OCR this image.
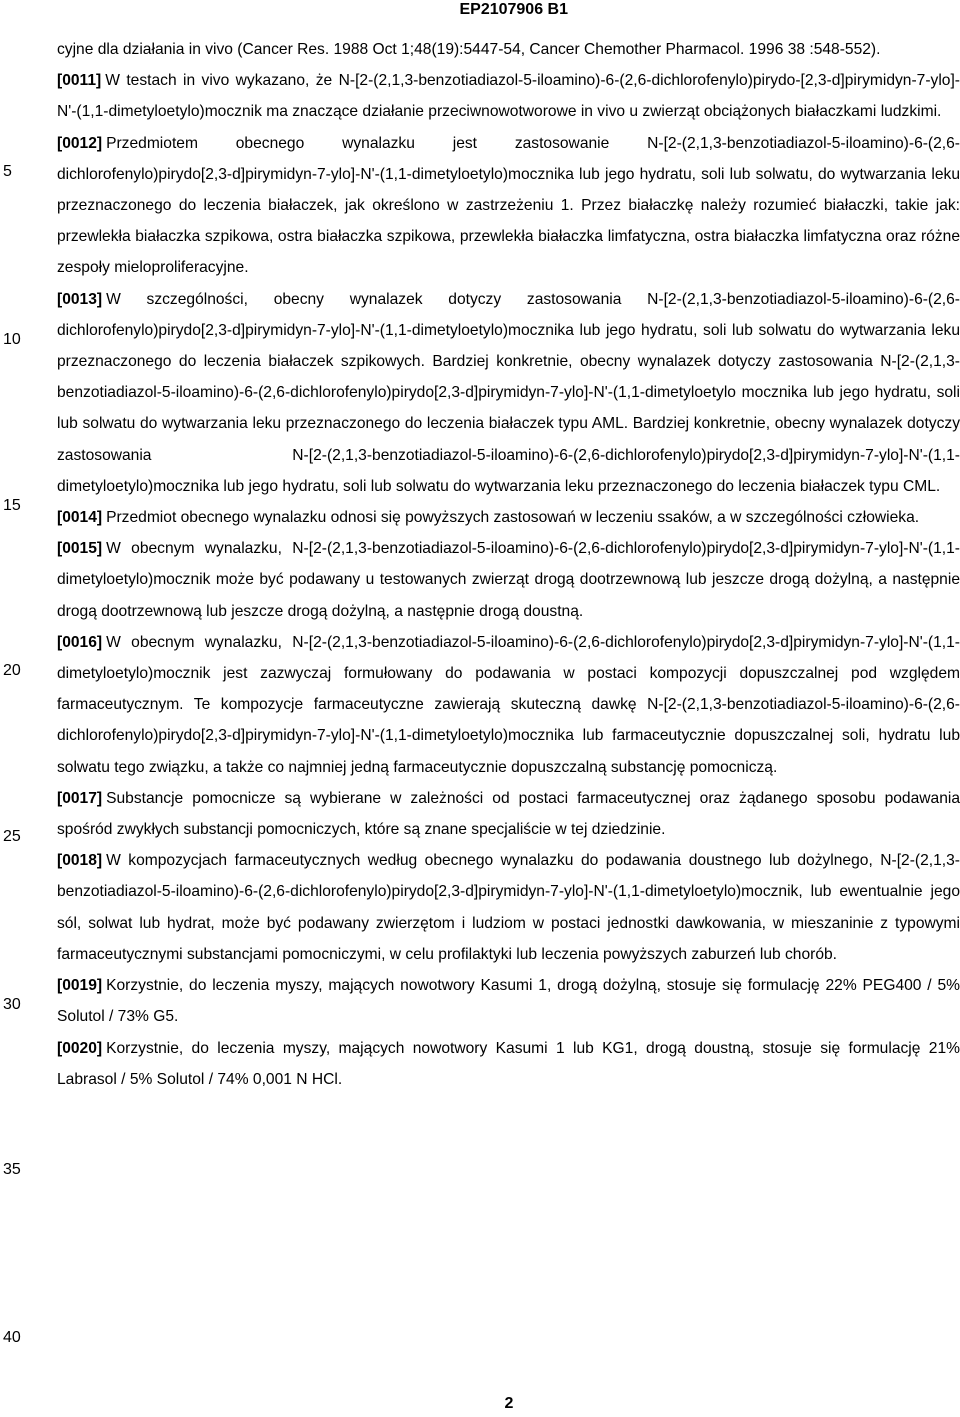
EP2107906 B1
5
10
15
20
25
30
35
40

cyjne dla działania in vivo (Cancer Res. 1988 Oct 1;48(19):5447-54, Cancer Chemother Pharmacol. 1996 38 :548-552).

[0011] W testach in vivo wykazano, że N-[2-(2,1,3-benzotiadiazol-5-iloamino)-6-(2,6-dichlorofenylo)pirydo-[2,3-d]pirymidyn-7-ylo]-N'-(1,1-dimetyloetylo)mocznik ma znaczące działanie przeciwnowotworowe in vivo u zwierząt obciążonych białaczkami ludzkimi.

[0012] Przedmiotem obecnego wynalazku jest zastosowanie N-[2-(2,1,3-benzotiadiazol-5-iloamino)-6-(2,6-dichlorofenylo)pirydo[2,3-d]pirymidyn-7-ylo]-N'-(1,1-dimetyloetylo)mocznika lub jego hydratu, soli lub solwatu, do wytwarzania leku przeznaczonego do leczenia białaczek, jak określono w zastrzeżeniu 1. Przez białaczkę należy rozumieć białaczki, takie jak: przewlekła białaczka szpikowa, ostra białaczka szpikowa, przewlekła białaczka limfatyczna, ostra białaczka limfatyczna oraz różne zespoły mieloproliferacyjne.

[0013] W szczególności, obecny wynalazek dotyczy zastosowania N-[2-(2,1,3-benzotiadiazol-5-iloamino)-6-(2,6-dichlorofenylo)pirydo[2,3-d]pirymidyn-7-ylo]-N'-(1,1-dimetyloetylo)mocznika lub jego hydratu, soli lub solwatu do wytwarzania leku przeznaczonego do leczenia białaczek szpikowych. Bardziej konkretnie, obecny wynalazek dotyczy zastosowania N-[2-(2,1,3-benzotiadiazol-5-iloamino)-6-(2,6-dichlorofenylo)pirydo[2,3-d]pirymidyn-7-ylo]-N'-(1,1-dimetyloetylo mocznika lub jego hydratu, soli lub solwatu do wytwarzania leku przeznaczonego do leczenia białaczek typu AML. Bardziej konkretnie, obecny wynalazek dotyczy zastosowania N-[2-(2,1,3-benzotiadiazol-5-iloamino)-6-(2,6-dichlorofenylo)pirydo[2,3-d]pirymidyn-7-ylo]-N'-(1,1-dimetyloetylo)mocznika lub jego hydratu, soli lub solwatu do wytwarzania leku przeznaczonego do leczenia białaczek typu CML.

[0014] Przedmiot obecnego wynalazku odnosi się powyższych zastosowań w leczeniu ssaków, a w szczególności człowieka.

[0015] W obecnym wynalazku, N-[2-(2,1,3-benzotiadiazol-5-iloamino)-6-(2,6-dichlorofenylo)pirydo[2,3-d]pirymidyn-7-ylo]-N'-(1,1-dimetyloetylo)mocznik może być podawany u testowanych zwierząt drogą dootrzewnową lub jeszcze drogą dożylną, a następnie drogą dootrzewnową lub jeszcze drogą dożylną, a następnie drogą doustną.

[0016] W obecnym wynalazku, N-[2-(2,1,3-benzotiadiazol-5-iloamino)-6-(2,6-dichlorofenylo)pirydo[2,3-d]pirymidyn-7-ylo]-N'-(1,1-dimetyloetylo)mocznik jest zazwyczaj formułowany do podawania w postaci kompozycji dopuszczalnej pod względem farmaceutycznym. Te kompozycje farmaceutyczne zawierają skuteczną dawkę N-[2-(2,1,3-benzotiadiazol-5-iloamino)-6-(2,6-dichlorofenylo)pirydo[2,3-d]pirymidyn-7-ylo]-N'-(1,1-dimetyloetylo)mocznika lub farmaceutycznie dopuszczalnej soli, hydratu lub solwatu tego związku, a także co najmniej jedną farmaceutycznie dopuszczalną substancję pomocniczą.

[0017] Substancje pomocnicze są wybierane w zależności od postaci farmaceutycznej oraz żądanego sposobu podawania spośród zwykłych substancji pomocniczych, które są znane specjaliście w tej dziedzinie.

[0018] W kompozycjach farmaceutycznych według obecnego wynalazku do podawania doustnego lub dożylnego, N-[2-(2,1,3-benzotiadiazol-5-iloamino)-6-(2,6-dichlorofenylo)pirydo[2,3-d]pirymidyn-7-ylo]-N'-(1,1-dimetyloetylo)mocznik, lub ewentualnie jego sól, solwat lub hydrat, może być podawany zwierzętom i ludziom w postaci jednostki dawkowania, w mieszaninie z typowymi farmaceutycznymi substancjami pomocniczymi, w celu profilaktyki lub leczenia powyższych zaburzeń lub chorób.

[0019] Korzystnie, do leczenia myszy, mających nowotwory Kasumi 1, drogą dożylną, stosuje się formulację 22% PEG400 / 5% Solutol / 73% G5.

[0020] Korzystnie, do leczenia myszy, mających nowotwory Kasumi 1 lub KG1, drogą doustną, stosuje się formulację 21% Labrasol / 5% Solutol / 74% 0,001 N HCl.

2
